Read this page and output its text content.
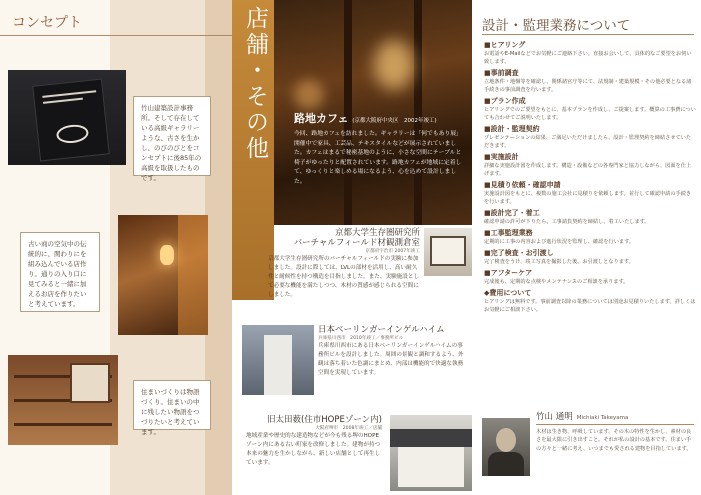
コンセプト
竹山建築設計事務所。そして存在している高級ギャラリーような、古さを生かし、のびのびとをコンセプトに後85年の高級を取扱したものです。
古い商の空気中の伝統的に、関わりにを組み込んでいる店作り。通りの入り口に見てみると一緒に加えるお店を作りたいと考えています。
住まいづくりは物語づくり。住まいの中に残したい物語をつづりたいと考えています。
店舗・その他 路地カフェ (京都大阪府中央区　2002年竣工)
今回、路地カフェを訪れました。ギャラリーは「何でもあり展」開催中で家具、工芸品、テキスタイルなどが展示されていました。カフェはまるで秘密基地のように、小さな空間にテーブルと椅子がゆったりと配置されています。路地カフェが地域に定着して、ゆっくりと楽しめる場になるよう、心を込めて設計しました。
京都大学生存圏研究所
バーチャルフィールド材観測倉室
京都府宇治市 2007年竣工
京都大学生存圏研究所のバーチャルフィールドの実験に参加しました。設計に際しては、LVLの部材を活用し、高い耐久性と耐候性を持つ構造を目指しました。また、実験施設として必要な機能を満たしつつ、木材の質感が感じられる空間にしました。
日本ベーリンガーインゲルハイム
兵庫県川西市　2010年竣工／事務所ビル
兵庫県川西市にある日本ベーリンガーインゲルハイムの事務所ビルを設計しました。周囲の景観と調和するよう、外観は落ち着いた色調にまとめ、内部は機能的で快適な執務空間を実現しています。
旧太田薮(住市HOPEゾーン内)
大阪府堺市　2008年竣工／店舗
地域産業や歴史的な建造物などが今も残る堺のHOPEゾーン内にある古い町家を改修しました。建物が持つ本来の魅力を生かしながら、新しい店舗として再生しています。
設計・監理業務について
■ヒアリング
お電話やE-Mailなどでお気軽にご連絡下さい。直接お会いして、具体的なご要望をお伺い致します。
■事前調査
立地条件・地盤等を確認し、関係諸官庁等にて、法規制・建築規模・その他必要となる諸手続きの事前調査を行います。
■プラン作成
ヒアリングでのご要望をもとに、基本プランを作成し、ご提案します。概算の工事費についても合わせてご説明いたします。
■設計・監理契約
プレゼンテーションの結果、ご満足いただけましたら、設計・監理契約を締結させていただきます。
■実施設計
詳細な実施設計図を作成します。構造・設備などの各専門家と協力しながら、図面を仕上げます。
■見積り依頼・確認申請
実施設計図をもとに、複数の施工会社に見積りを依頼します。並行して確認申請の手続きを行います。
■設計完了・着工
確認申請の許可が下りたら、工事請負契約を締結し、着工いたします。
■工事監理業務
定期的に工事の内容および進行状況を監理し、確認を行います。
■完了検査・お引渡し
完了検査をうけ、竣工写真を撮影した後、お引渡しとなります。
■アフターケア
完成後も、定期的な点検やメンテナンスのご相談を承ります。
◆費用について
ヒアリングは無料です。事前調査以降の業務については別途お見積りいたします。詳しくはお気軽にご相談下さい。
竹山 通明 Michiaki Takeyama
木材は生き物、呼吸しています。その木の特性を生かし、素材の良さを最大限に引き出すこと。それが私の設計の基本です。住まい手の方々と一緒に考え、いつまでも愛される建物を目指しています。
